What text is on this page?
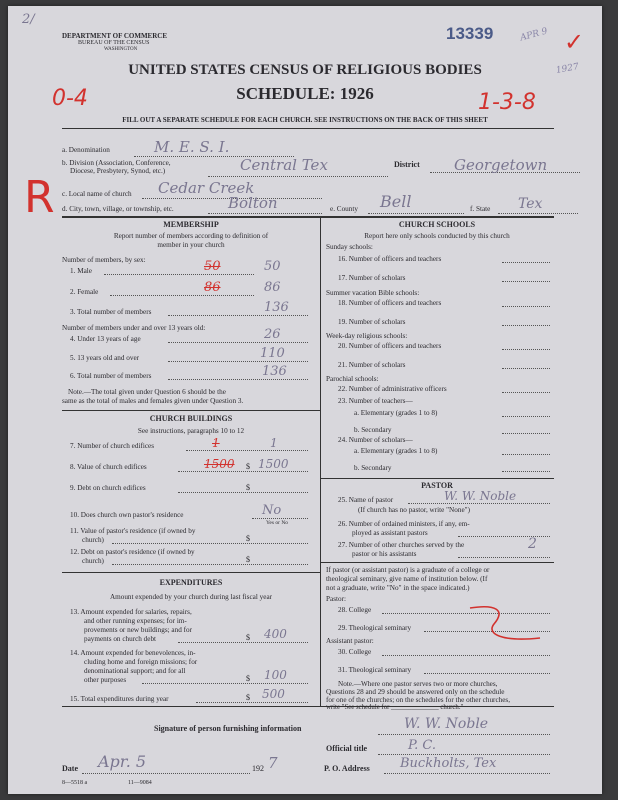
2/
DEPARTMENT OF COMMERCE
BUREAU OF THE CENSUS
WASHINGTON
13339	APR 9
1927
✓
UNITED STATES CENSUS OF RELIGIOUS BODIES
SCHEDULE: 1926
0-4	1-3-8
FILL OUT A SEPARATE SCHEDULE FOR EACH CHURCH. SEE INSTRUCTIONS ON THE BACK OF THIS SHEET
a. Denomination	M. E. S. I.
b. Division (Association, Conference,
Diocese, Presbytery, Synod, etc.)	Central Tex	District Georgetown
c. Local name of church Cedar Creek
R d. City, town, village, or township, etc.	Bolton	e. County Bell	f. State Tex
MEMBERSHIP
Report number of members according to definition of
member in your church
Number of members, by sex:
1. Male	50	50
2. Female	86	86
3. Total number of members	136
Number of members under and over 13 years old:
4. Under 13 years of age	26
5. 13 years old and over	110
6. Total number of members	136
Note.—The total given under Question 6 should be the
same as the total of males and females given under Question 3.
CHURCH BUILDINGS
See instructions, paragraphs 10 to 12
7. Number of church edifices	1	1
8. Value of church edifices	1500 $ 1500
9. Debt on church edifices	$
10. Does church own pastor's residence	No
Yes or No
11. Value of pastor's residence (if owned by
church)	$
12. Debt on pastor's residence (if owned by
church)	$
EXPENDITURES
Amount expended by your church during last fiscal year
13. Amount expended for salaries, repairs,
and other running expenses; for im-
provements or new buildings; and for
payments on church debt	$ 400
14. Amount expended for benevolences, in-
cluding home and foreign missions; for
denominational support; and for all
other purposes	$ 100
15. Total expenditures during year	$ 500
CHURCH SCHOOLS
Report here only schools conducted by this church
Sunday schools:
16. Number of officers and teachers
17. Number of scholars
Summer vacation Bible schools:
18. Number of officers and teachers
19. Number of scholars
Week-day religious schools:
20. Number of officers and teachers
21. Number of scholars
Parochial schools:
22. Number of administrative officers
23. Number of teachers—
a. Elementary (grades 1 to 8)
b. Secondary
24. Number of scholars—
a. Elementary (grades 1 to 8)
b. Secondary
PASTOR
25. Name of pastor	W. W. Noble
(If church has no pastor, write "None")
26. Number of ordained ministers, if any, em-
ployed as assistant pastors
27. Number of other churches served by the
pastor or his assistants
2
If pastor (or assistant pastor) is a graduate of a college or
theological seminary, give name of institution below. (If
not a graduate, write "No" in the space indicated.)
Pastor:
28. College
29. Theological seminary
Assistant pastor:
30. College
31. Theological seminary
Note.—Where one pastor serves two or more churches,
Questions 28 and 29 should be answered only on the schedule
for one of the churches; on the schedules for the other churches,
write "See schedule for ______________ church."
Signature of person furnishing information	W. W. Noble
Official title	P. C.
Date Apr. 5	192 7	P. O. Address Buckholts, Tex
8—5518 a	11—9084
